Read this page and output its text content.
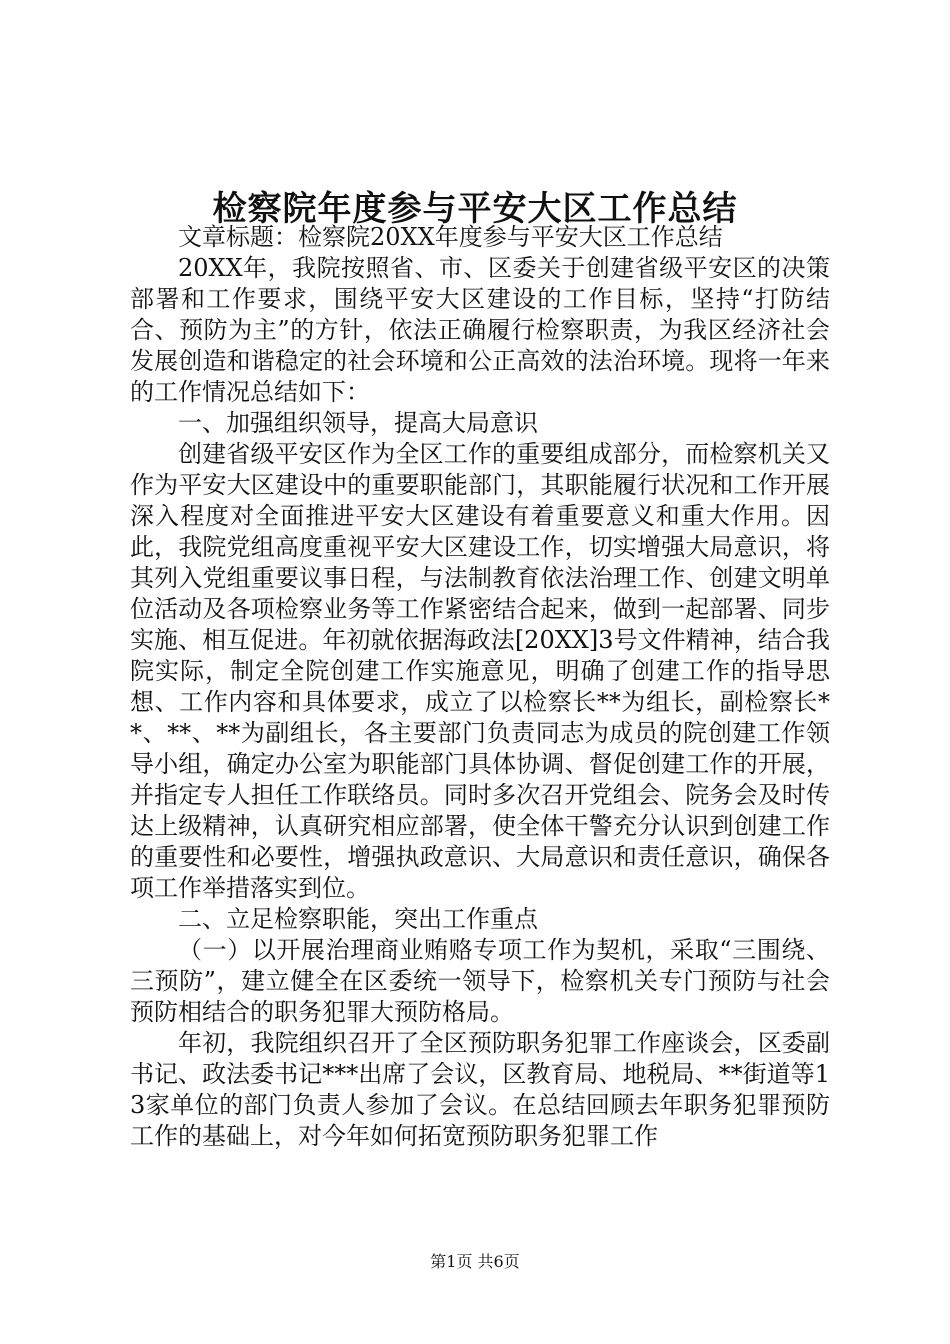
检察院年度参与平安大区工作总结

文章标题：检察院20XX年度参与平安大区工作总结

20XX年，我院按照省、市、区委关于创建省级平安区的决策部署和工作要求，围绕平安大区建设的工作目标，坚持“打防结合、预防为主”的方针，依法正确履行检察职责，为我区经济社会发展创造和谐稳定的社会环境和公正高效的法治环境。现将一年来的工作情况总结如下：

一、加强组织领导，提高大局意识

创建省级平安区作为全区工作的重要组成部分，而检察机关又作为平安大区建设中的重要职能部门，其职能履行状况和工作开展深入程度对全面推进平安大区建设有着重要意义和重大作用。因此，我院党组高度重视平安大区建设工作，切实增强大局意识，将其列入党组重要议事日程，与法制教育依法治理工作、创建文明单位活动及各项检察业务等工作紧密结合起来，做到一起部署、同步实施、相互促进。年初就依据海政法[20XX]3号文件精神，结合我院实际，制定全院创建工作实施意见，明确了创建工作的指导思想、工作内容和具体要求，成立了以检察长**为组长，副检察长**、**、**为副组长，各主要部门负责同志为成员的院创建工作领导小组，确定办公室为职能部门具体协调、督促创建工作的开展，并指定专人担任工作联络员。同时多次召开党组会、院务会及时传达上级精神，认真研究相应部署，使全体干警充分认识到创建工作的重要性和必要性，增强执政意识、大局意识和责任意识，确保各项工作举措落实到位。

二、立足检察职能，突出工作重点

（一）以开展治理商业贿赂专项工作为契机，采取“三围绕、三预防”，建立健全在区委统一领导下，检察机关专门预防与社会预防相结合的职务犯罪大预防格局。

年初，我院组织召开了全区预防职务犯罪工作座谈会，区委副书记、政法委书记***出席了会议，区教育局、地税局、**街道等13家单位的部门负责人参加了会议。在总结回顾去年职务犯罪预防工作的基础上，对今年如何拓宽预防职务犯罪工作

第1页 共6页
